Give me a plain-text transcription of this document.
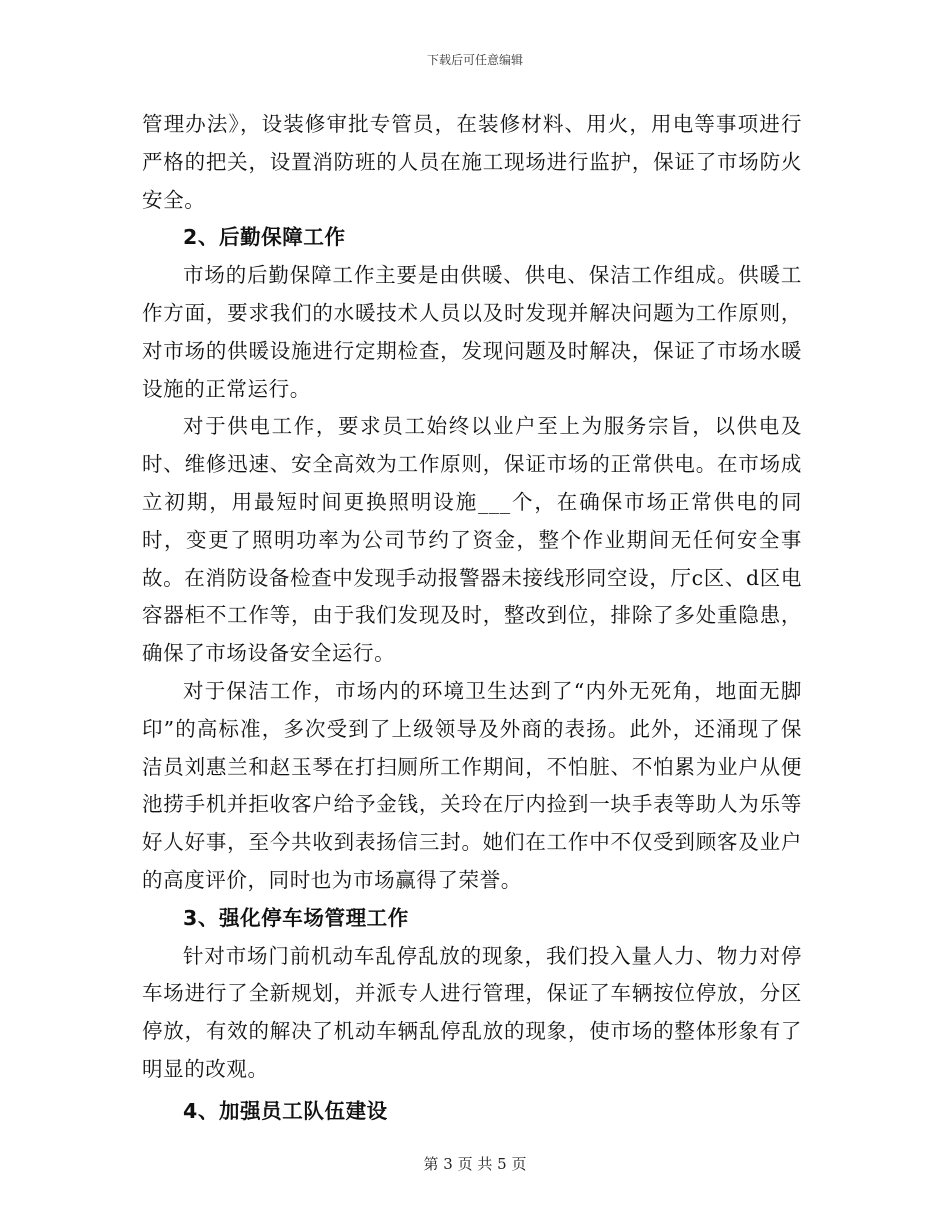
下载后可任意编辑

管理办法》，设装修审批专管员，在装修材料、用火，用电等事项进行严格的把关，设置消防班的人员在施工现场进行监护，保证了市场防火安全。

2、后勤保障工作

市场的后勤保障工作主要是由供暖、供电、保洁工作组成。供暖工作方面，要求我们的水暖技术人员以及时发现并解决问题为工作原则，对市场的供暖设施进行定期检查，发现问题及时解决，保证了市场水暖设施的正常运行。

对于供电工作，要求员工始终以业户至上为服务宗旨，以供电及时、维修迅速、安全高效为工作原则，保证市场的正常供电。在市场成立初期，用最短时间更换照明设施___个，在确保市场正常供电的同时，变更了照明功率为公司节约了资金，整个作业期间无任何安全事故。在消防设备检查中发现手动报警器未接线形同空设，厅c区、d区电容器柜不工作等，由于我们发现及时，整改到位，排除了多处重隐患，确保了市场设备安全运行。

对于保洁工作，市场内的环境卫生达到了“内外无死角，地面无脚印”的高标准，多次受到了上级领导及外商的表扬。此外，还涌现了保洁员刘惠兰和赵玉琴在打扫厕所工作期间，不怕脏、不怕累为业户从便池捞手机并拒收客户给予金钱，关玲在厅内捡到一块手表等助人为乐等好人好事，至今共收到表扬信三封。她们在工作中不仅受到顾客及业户的高度评价，同时也为市场赢得了荣誉。

3、强化停车场管理工作

针对市场门前机动车乱停乱放的现象，我们投入量人力、物力对停车场进行了全新规划，并派专人进行管理，保证了车辆按位停放，分区停放，有效的解决了机动车辆乱停乱放的现象，使市场的整体形象有了明显的改观。

4、加强员工队伍建设

第 3 页 共 5 页
